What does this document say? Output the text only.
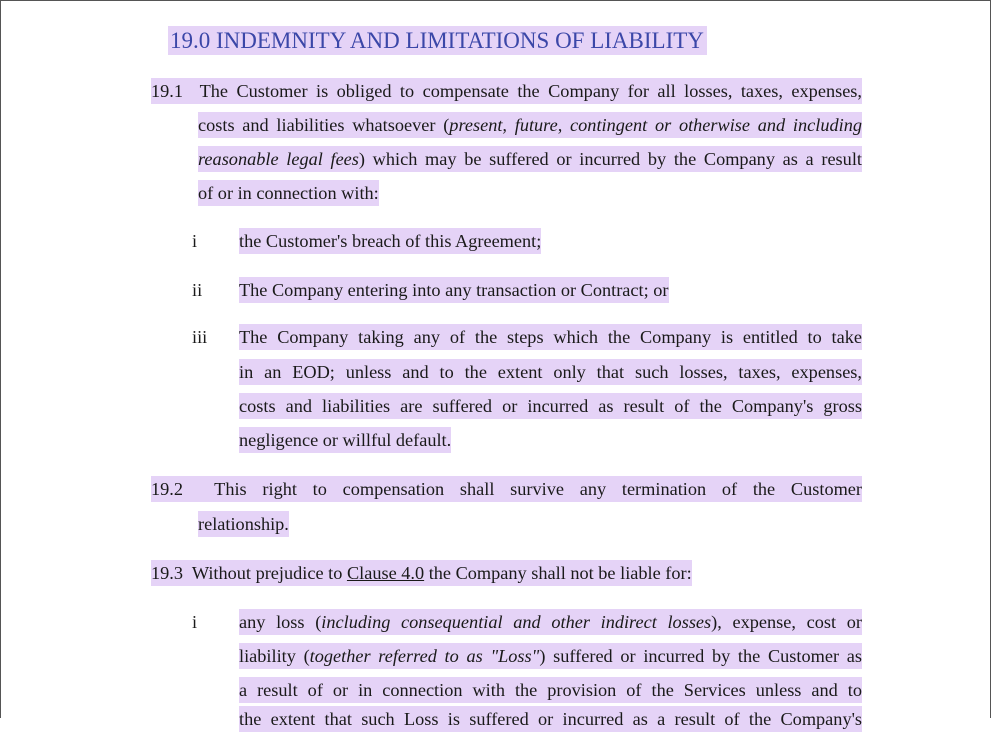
19.0 INDEMNITY AND LIMITATIONS OF LIABILITY
19.1 The Customer is obliged to compensate the Company for all losses, taxes, expenses,
costs and liabilities whatsoever (present, future, contingent or otherwise and including
reasonable legal fees) which may be suffered or incurred by the Company as a result
of or in connection with:
i the Customer's breach of this Agreement;
ii The Company entering into any transaction or Contract; or
iii The Company taking any of the steps which the Company is entitled to take
in an EOD; unless and to the extent only that such losses, taxes, expenses,
costs and liabilities are suffered or incurred as result of the Company's gross
negligence or willful default.
19.2 This right to compensation shall survive any termination of the Customer
relationship.
19.3 Without prejudice to Clause 4.0 the Company shall not be liable for:
i any loss (including consequential and other indirect losses), expense, cost or
liability (together referred to as "Loss") suffered or incurred by the Customer as
a result of or in connection with the provision of the Services unless and to
the extent that such Loss is suffered or incurred as a result of the Company's
